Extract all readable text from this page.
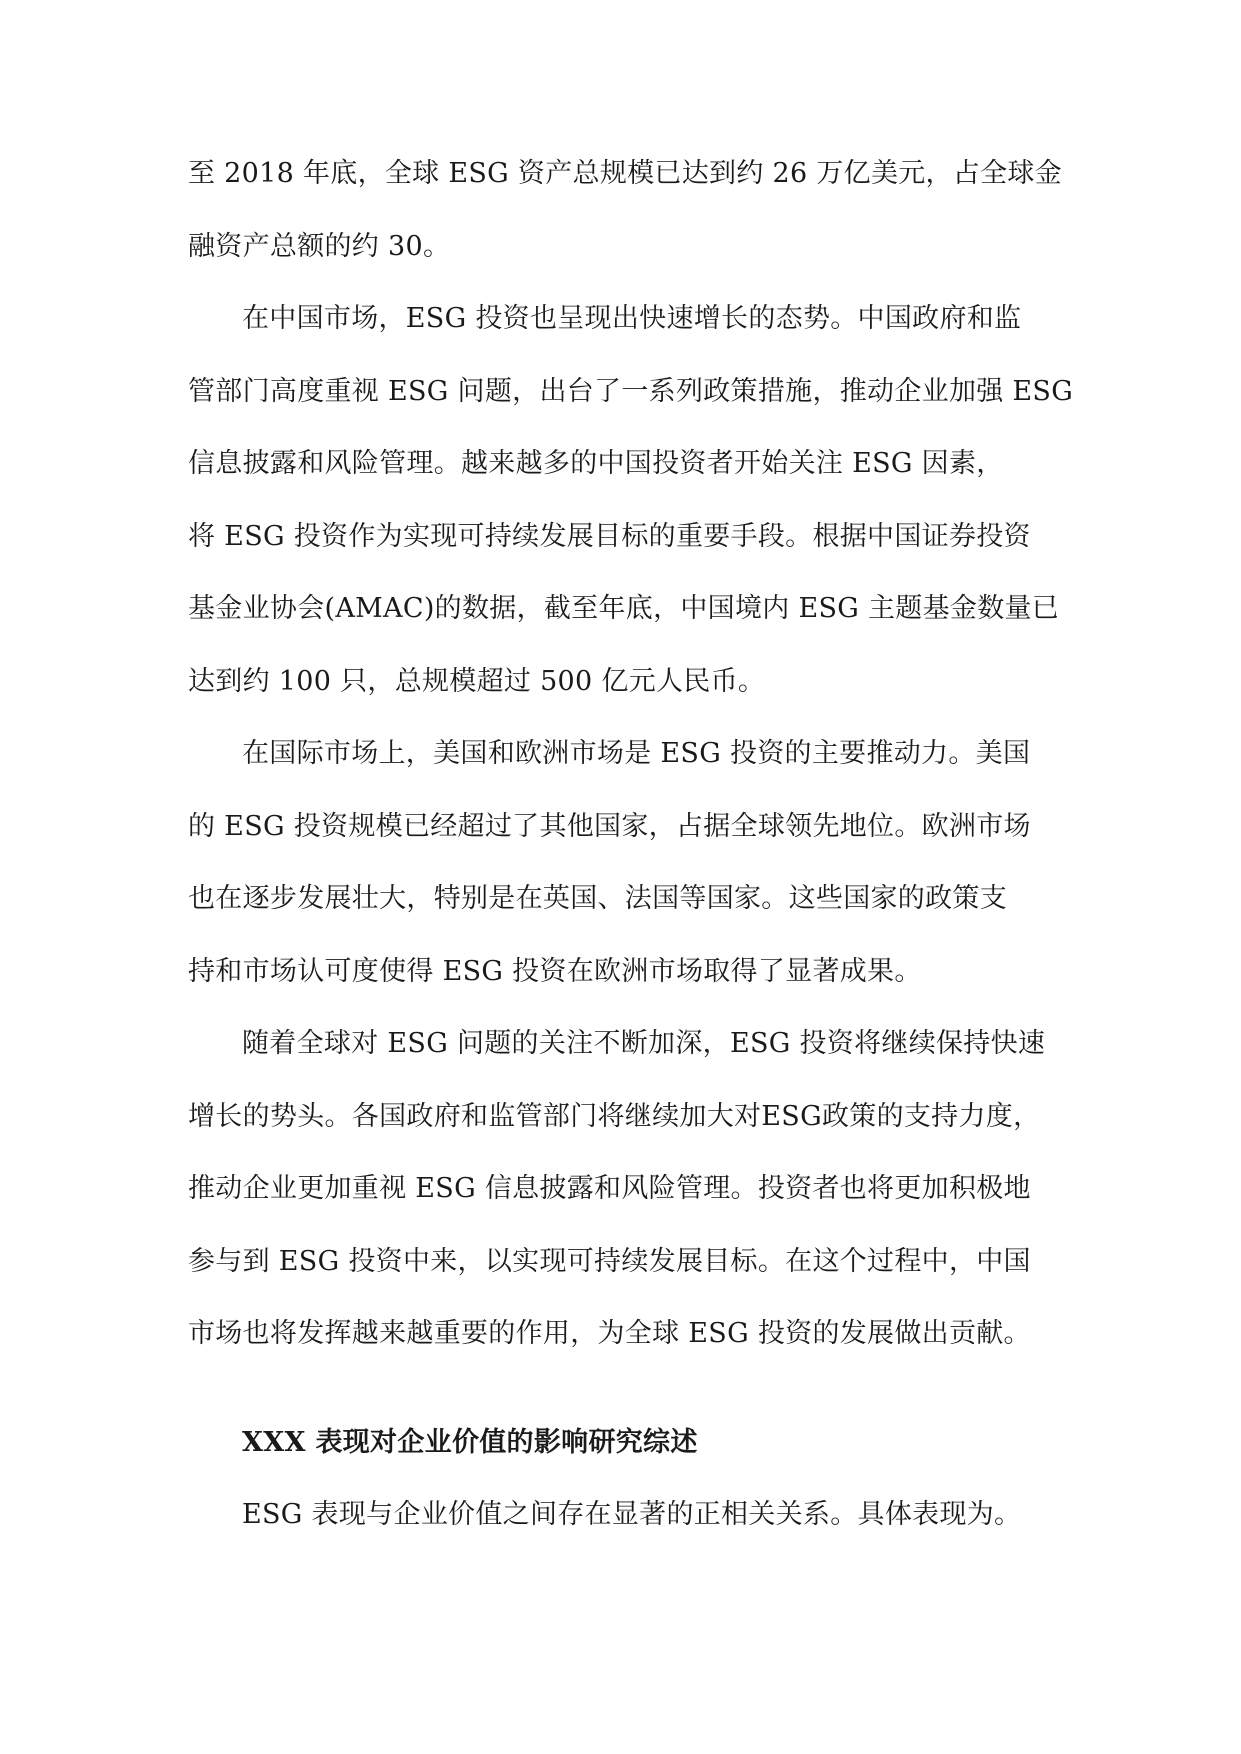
至 2018 年底，全球 ESG 资产总规模已达到约 26 万亿美元，占全球金
融资产总额的约 30。

在中国市场，ESG 投资也呈现出快速增长的态势。中国政府和监
管部门高度重视 ESG 问题，出台了一系列政策措施，推动企业加强 ESG
信息披露和风险管理。越来越多的中国投资者开始关注 ESG 因素，
将 ESG 投资作为实现可持续发展目标的重要手段。根据中国证券投资
基金业协会(AMAC)的数据，截至年底，中国境内 ESG 主题基金数量已
达到约 100 只，总规模超过 500 亿元人民币。

在国际市场上，美国和欧洲市场是 ESG 投资的主要推动力。美国
的 ESG 投资规模已经超过了其他国家，占据全球领先地位。欧洲市场
也在逐步发展壮大，特别是在英国、法国等国家。这些国家的政策支
持和市场认可度使得 ESG 投资在欧洲市场取得了显著成果。

随着全球对 ESG 问题的关注不断加深，ESG 投资将继续保持快速
增长的势头。各国政府和监管部门将继续加大对ESG政策的支持力度，
推动企业更加重视 ESG 信息披露和风险管理。投资者也将更加积极地
参与到 ESG 投资中来，以实现可持续发展目标。在这个过程中，中国
市场也将发挥越来越重要的作用，为全球 ESG 投资的发展做出贡献。

XXX 表现对企业价值的影响研究综述

ESG 表现与企业价值之间存在显著的正相关关系。具体表现为。
